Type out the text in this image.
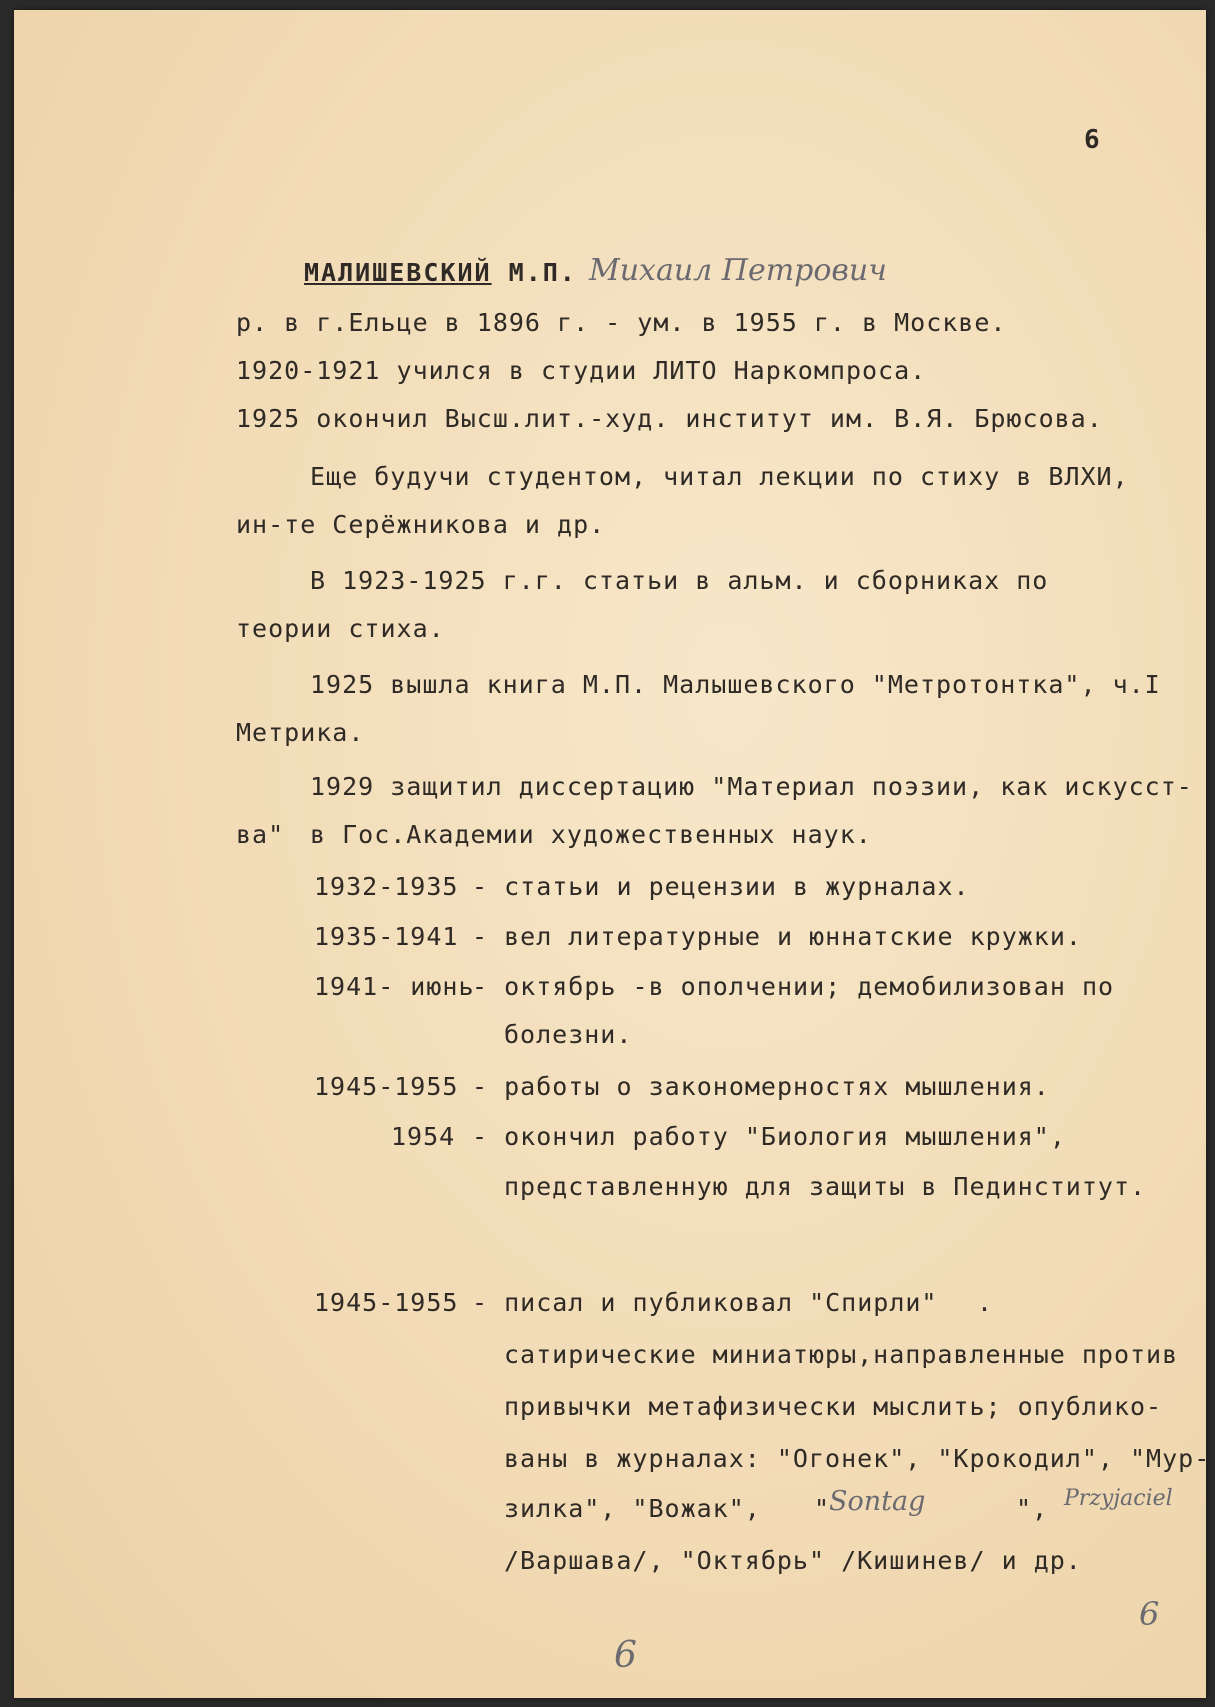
6
МАЛИШЕВСКИЙ М.П. Михаил Петрович
р. в г.Ельце в 1896 г. - ум. в 1955 г. в Москве.
1920-1921 учился в студии ЛИТО Наркомпроса.
1925 окончил Высш.лит.-худ. институт им. В.Я. Брюсова.
Еще будучи студентом, читал лекции по стиху в ВЛХИ,
ин-те Серёжникова и др.
В 1923-1925 г.г. статьи в альм. и сборниках по
теории стиха.
1925 вышла книга М.П. Малышевского "Метротонтка", ч.I
Метрика.
1929 защитил диссертацию "Материал поэзии, как искусст-
ва" в Гос.Академии художественных наук.
1932-1935 - статьи и рецензии в журналах.
1935-1941 - вел литературные и юннатские кружки.
1941- июнь
- октябрь -в ополчении; демобилизован по
болезни.
1945-1955 - работы о закономерностях мышления.
1954 - окончил работу "Биология мышления",
представленную для защиты в Пединститут.
1945-1955 - писал и публиковал "Спирли" .
сатирические миниатюры,направленные против
привычки метафизически мыслить; опублико-
ваны в журналах: "Огонек", "Крокодил", "Мур-
зилка", "Вожак", "
Sontag	", Przyjaciel
/Варшава/, "Октябрь" /Кишинев/ и др.
6
6
